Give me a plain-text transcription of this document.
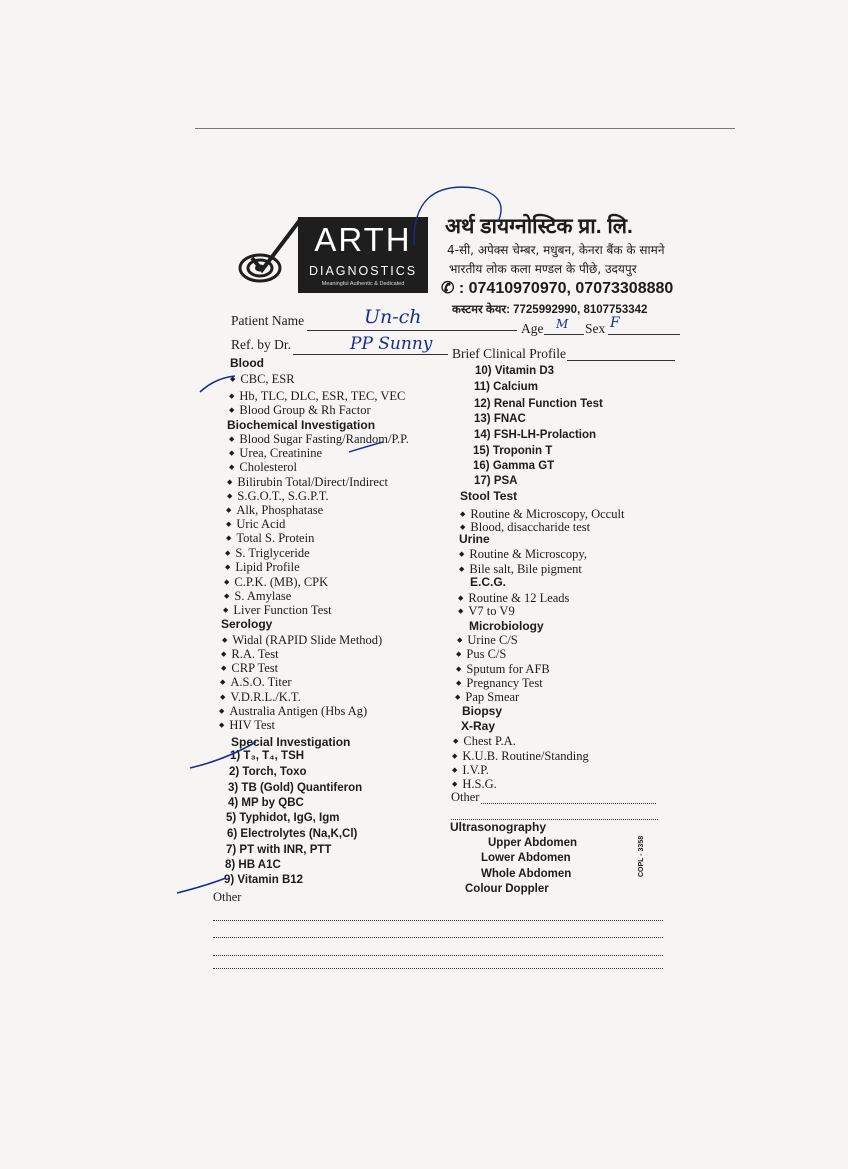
ARTH
DIAGNOSTICS
Meaningful Authentic & Dedicated
अर्थ डायग्नोस्टिक प्रा. लि.
4-सी, अपेक्स चेम्बर, मधुबन, केनरा बैंक के सामने
भारतीय लोक कला मण्डल के पीछे, उदयपुर
✆ : 07410970970, 07073308880
कस्टमर केयर: 7725992990, 8107753342
Patient Name	Un-ch
Age M Sex F
Ref. by Dr.	PP Sunny Brief Clinical Profile
Blood
◆ CBC, ESR
◆ Hb, TLC, DLC, ESR, TEC, VEC
◆ Blood Group & Rh Factor
Biochemical Investigation
◆ Blood Sugar Fasting/Random/P.P.
◆ Urea, Creatinine
◆ Cholesterol
◆ Bilirubin Total/Direct/Indirect
◆ S.G.O.T., S.G.P.T.
◆ Alk, Phosphatase
◆ Uric Acid
◆ Total S. Protein
◆ S. Triglyceride
◆ Lipid Profile
◆ C.P.K. (MB), CPK
◆ S. Amylase
◆ Liver Function Test
Serology
◆ Widal (RAPID Slide Method)
◆ R.A. Test
◆ CRP Test
◆ A.S.O. Titer
◆ V.D.R.L./K.T.
◆ Australia Antigen (Hbs Ag)
◆ HIV Test
Special Investigation
1) T₃, T₄, TSH
2) Torch, Toxo
3) TB (Gold) Quantiferon
4) MP by QBC
5) Typhidot, IgG, Igm
6) Electrolytes (Na,K,Cl)
7) PT with INR, PTT
8) HB A1C
9) Vitamin B12
Other
10) Vitamin D3
11) Calcium
12) Renal Function Test
13) FNAC
14) FSH-LH-Prolaction
15) Troponin T
16) Gamma GT
17) PSA
Stool Test
◆ Routine & Microscopy, Occult
◆ Blood, disaccharide test
Urine
◆ Routine & Microscopy,
◆ Bile salt, Bile pigment
E.C.G.
◆ Routine & 12 Leads
◆ V7 to V9
Microbiology
◆ Urine C/S
◆ Pus C/S
◆ Sputum for AFB
◆ Pregnancy Test
◆ Pap Smear
Biopsy
X-Ray
◆ Chest P.A.
◆ K.U.B. Routine/Standing
◆ I.V.P.
◆ H.S.G.
Other
Ultrasonography
Upper Abdomen
Lower Abdomen
Whole Abdomen
Colour Doppler
COPL - 3358
